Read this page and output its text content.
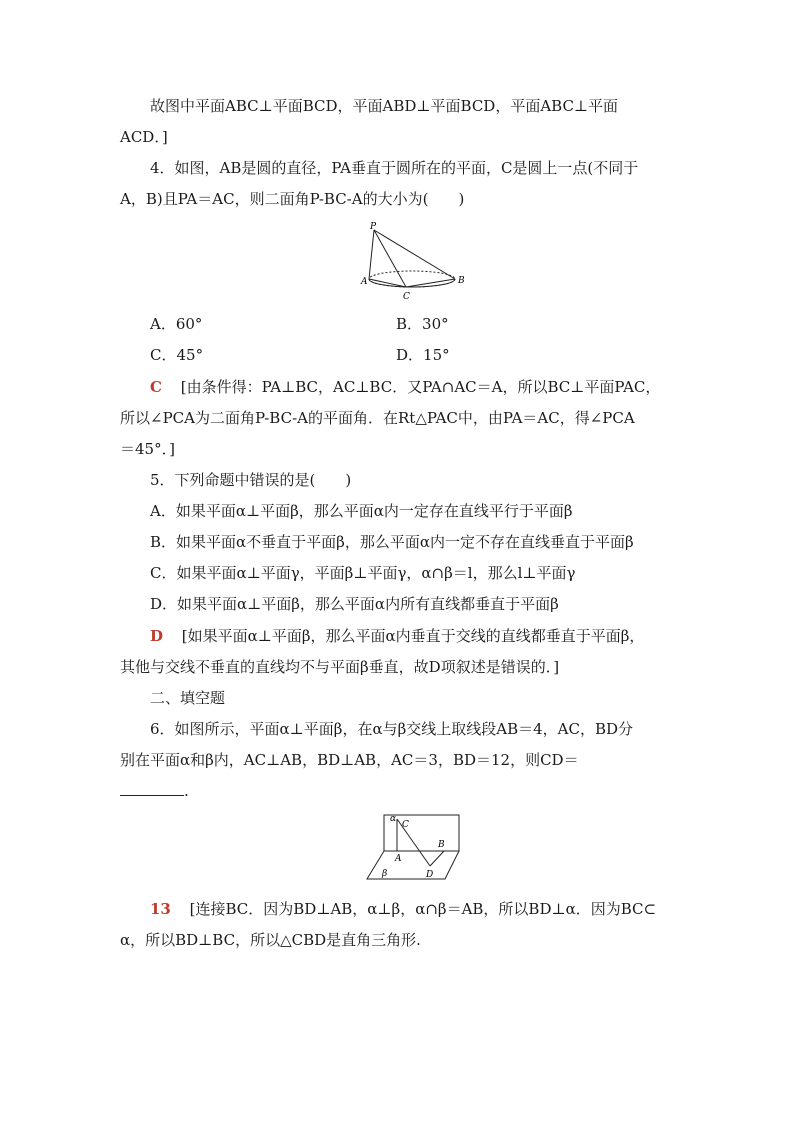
故图中平面ABC⊥平面BCD，平面ABD⊥平面BCD，平面ABC⊥平面
ACD．]
4．如图，AB是圆的直径，PA垂直于圆所在的平面，C是圆上一点(不同于
A，B)且PA＝AC，则二面角P-BC-A的大小为(　　)
P
A	B
C
A．60°	B．30°
C．45°	D．15°
C [由条件得：PA⊥BC，AC⊥BC．又PA∩AC＝A，所以BC⊥平面PAC，
所以∠PCA为二面角P-BC-A的平面角．在Rt△PAC中，由PA＝AC，得∠PCA
＝45°．]
5．下列命题中错误的是(　　)
A．如果平面α⊥平面β，那么平面α内一定存在直线平行于平面β
B．如果平面α不垂直于平面β，那么平面α内一定不存在直线垂直于平面β
C．如果平面α⊥平面γ，平面β⊥平面γ，α∩β＝l，那么l⊥平面γ
D．如果平面α⊥平面β，那么平面α内所有直线都垂直于平面β
D [如果平面α⊥平面β，那么平面α内垂直于交线的直线都垂直于平面β，
其他与交线不垂直的直线均不与平面β垂直，故D项叙述是错误的．]
二、填空题
6．如图所示，平面α⊥平面β，在α与β交线上取线段AB＝4，AC，BD分
别在平面α和β内，AC⊥AB，BD⊥AB，AC＝3，BD＝12，则CD＝
.
α
C
A
B
D
β
13 [连接BC．因为BD⊥AB，α⊥β，α∩β＝AB，所以BD⊥α．因为BC⊂
α，所以BD⊥BC，所以△CBD是直角三角形.
